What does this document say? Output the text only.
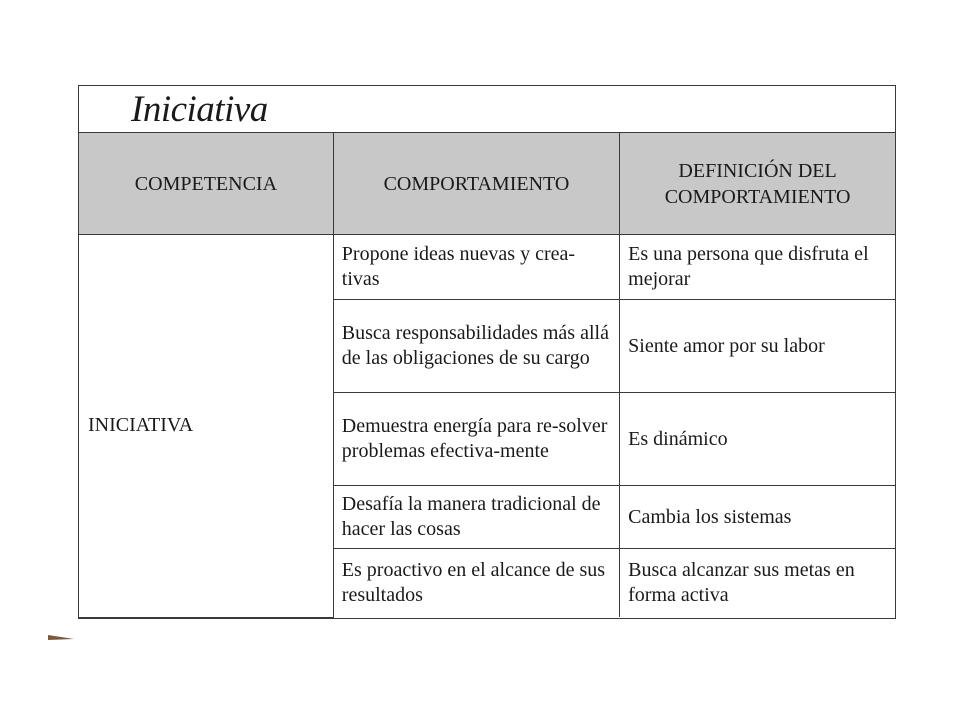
Iniciativa
COMPETENCIA	COMPORTAMIENTO	DEFINICIÓN DEL COMPORTAMIENTO
INICIATIVA	Propone ideas nuevas y crea-tivas	Es una persona que disfruta el mejorar
	Busca responsabilidades más allá de las obligaciones de su cargo	Siente amor por su labor
	Demuestra energía para re-solver problemas efectiva-mente	Es dinámico
	Desafía la manera tradicional de hacer las cosas	Cambia los sistemas
	Es proactivo en el alcance de sus resultados	Busca alcanzar sus metas en forma activa
